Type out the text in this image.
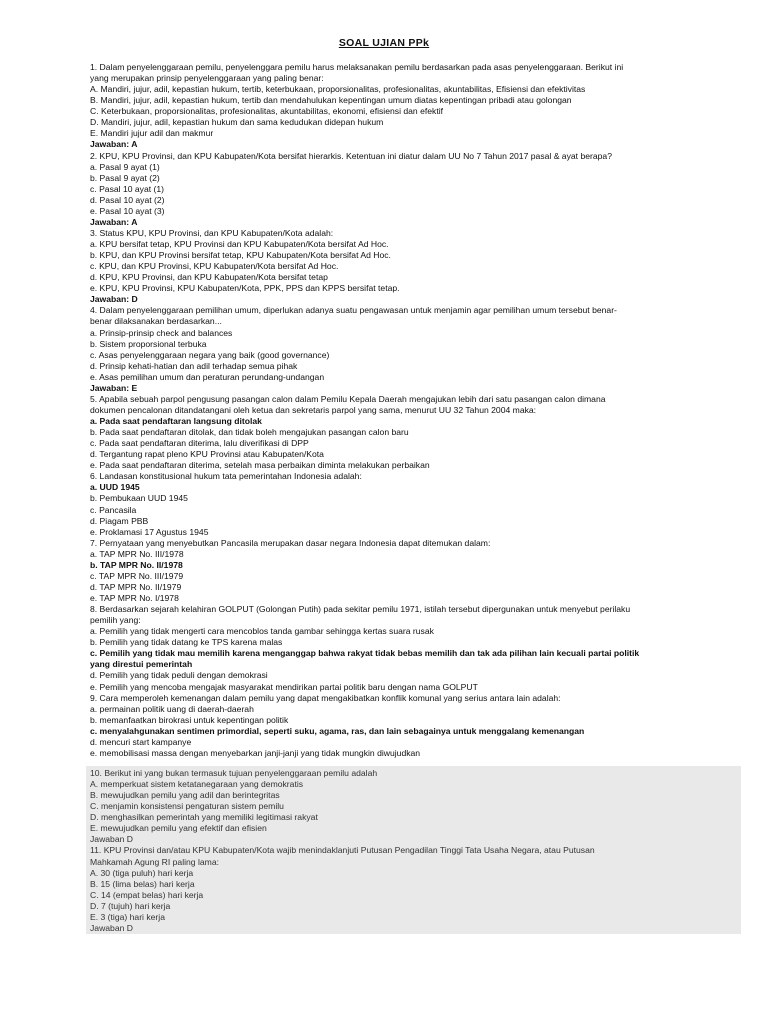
SOAL UJIAN PPk
1. Dalam penyelenggaraan pemilu, penyelenggara pemilu harus melaksanakan pemilu berdasarkan pada asas penyelenggaraan. Berikut ini
yang merupakan prinsip penyelenggaraan yang paling benar:
A. Mandiri, jujur, adil, kepastian hukum, tertib, keterbukaan, proporsionalitas, profesionalitas, akuntabilitas, Efisiensi dan efektivitas
B. Mandiri, jujur, adil, kepastian hukum, tertib dan mendahulukan kepentingan umum diatas kepentingan pribadi atau golongan
C. Keterbukaan, proporsionalitas, profesionalitas, akuntabilitas, ekonomi, efisiensi dan efektif
D. Mandiri, jujur, adil, kepastian hukum dan sama kedudukan didepan hukum
E. Mandiri jujur adil dan makmur
Jawaban: A
2. KPU, KPU Provinsi, dan KPU Kabupaten/Kota bersifat hierarkis. Ketentuan ini diatur dalam UU No 7 Tahun 2017 pasal & ayat berapa?
a. Pasal 9 ayat (1)
b. Pasal 9 ayat (2)
c. Pasal 10 ayat (1)
d. Pasal 10 ayat (2)
e. Pasal 10 ayat (3)
Jawaban: A
3. Status KPU, KPU Provinsi, dan KPU Kabupaten/Kota adalah:
a. KPU bersifat tetap, KPU Provinsi dan KPU Kabupaten/Kota bersifat Ad Hoc.
b. KPU, dan KPU Provinsi bersifat tetap, KPU Kabupaten/Kota bersifat Ad Hoc.
c. KPU, dan KPU Provinsi, KPU Kabupaten/Kota bersifat Ad Hoc.
d. KPU, KPU Provinsi, dan KPU Kabupaten/Kota bersifat tetap
e. KPU, KPU Provinsi, KPU Kabupaten/Kota, PPK, PPS dan KPPS bersifat tetap.
Jawaban: D
4. Dalam penyelenggaraan pemilihan umum, diperlukan adanya suatu pengawasan untuk menjamin agar pemilihan umum tersebut benar-
benar dilaksanakan berdasarkan...
a. Prinsip-prinsip check and balances
b. Sistem proporsional terbuka
c. Asas penyelenggaraan negara yang baik (good governance)
d. Prinsip kehati-hatian dan adil terhadap semua pihak
e. Asas pemilihan umum dan peraturan perundang-undangan
Jawaban: E
5. Apabila sebuah parpol pengusung pasangan calon dalam Pemilu Kepala Daerah mengajukan lebih dari satu pasangan calon dimana
dokumen pencalonan ditandatangani oleh ketua dan sekretaris parpol yang sama, menurut UU 32 Tahun 2004 maka:
a. Pada saat pendaftaran langsung ditolak
b. Pada saat pendaftaran ditolak, dan tidak boleh mengajukan pasangan calon baru
c. Pada saat pendaftaran diterima, lalu diverifikasi di DPP
d. Tergantung rapat pleno KPU Provinsi atau Kabupaten/Kota
e. Pada saat pendaftaran diterima, setelah masa perbaikan diminta melakukan perbaikan
6. Landasan konstitusional hukum tata pemerintahan Indonesia adalah:
a. UUD 1945
b. Pembukaan UUD 1945
c. Pancasila
d. Piagam PBB
e. Proklamasi 17 Agustus 1945
7. Pernyataan yang menyebutkan Pancasila merupakan dasar negara Indonesia dapat ditemukan dalam:
a. TAP MPR No. III/1978
b. TAP MPR No. II/1978
c. TAP MPR No. III/1979
d. TAP MPR No. II/1979
e. TAP MPR No. I/1978
8. Berdasarkan sejarah kelahiran GOLPUT (Golongan Putih) pada sekitar pemilu 1971, istilah tersebut dipergunakan untuk menyebut perilaku
pemilih yang:
a. Pemilih yang tidak mengerti cara mencoblos tanda gambar sehingga kertas suara rusak
b. Pemilih yang tidak datang ke TPS karena malas
c. Pemilih yang tidak mau memilih karena menganggap bahwa rakyat tidak bebas memilih dan tak ada pilihan lain kecuali partai politik
yang direstui pemerintah
d. Pemilih yang tidak peduli dengan demokrasi
e. Pemilih yang mencoba mengajak masyarakat mendirikan partai politik baru dengan nama GOLPUT
9. Cara memperoleh kemenangan dalam pemilu yang dapat mengakibatkan konflik komunal yang serius antara lain adalah:
a. permainan politik uang di daerah-daerah
b. memanfaatkan birokrasi untuk kepentingan politik
c. menyalahgunakan sentimen primordial, seperti suku, agama, ras, dan lain sebagainya untuk menggalang kemenangan
d. mencuri start kampanye
e. memobilisasi massa dengan menyebarkan janji-janji yang tidak mungkin diwujudkan
10. Berikut ini yang bukan termasuk tujuan penyelenggaraan pemilu adalah
A. memperkuat sistem ketatanegaraan yang demokratis
B. mewujudkan pemilu yang adil dan berintegritas
C. menjamin konsistensi pengaturan sistem pemilu
D. menghasilkan pemerintah yang memiliki legitimasi rakyat
E. mewujudkan pemilu yang efektif dan efisien
Jawaban D
11. KPU Provinsi dan/atau KPU Kabupaten/Kota wajib menindaklanjuti Putusan Pengadilan Tinggi Tata Usaha Negara, atau Putusan
Mahkamah Agung RI paling lama:
A. 30 (tiga puluh) hari kerja
B. 15 (lima belas) hari kerja
C. 14 (empat belas) hari kerja
D. 7 (tujuh) hari kerja
E. 3 (tiga) hari kerja
Jawaban D
